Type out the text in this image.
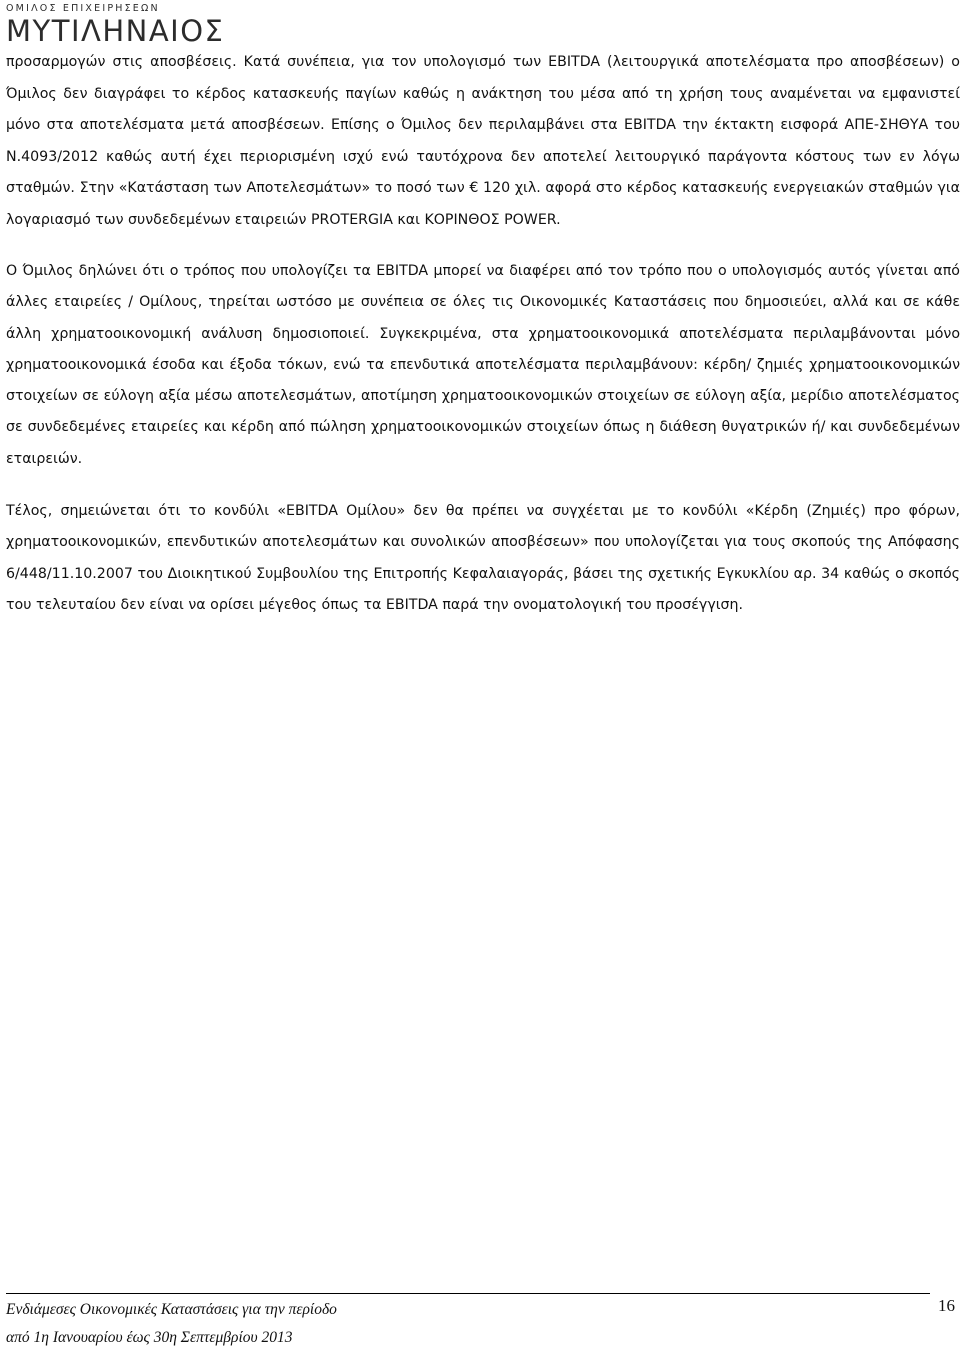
ΟΜΙΛΟΣ ΕΠΙΧΕΙΡΗΣΕΩΝ
ΜΥΤΙΛΗΝΑΙΟΣ

προσαρμογών στις αποσβέσεις. Κατά συνέπεια, για τον υπολογισμό των EBITDA (λειτουργικά αποτελέσματα προ αποσβέσεων) ο Όμιλος δεν διαγράφει το κέρδος κατασκευής παγίων καθώς η ανάκτηση του μέσα από τη χρήση τους αναμένεται να εμφανιστεί μόνο στα αποτελέσματα μετά αποσβέσεων. Επίσης ο Όμιλος δεν περιλαμβάνει στα EBITDA την έκτακτη εισφορά ΑΠΕ-ΣΗΘΥΑ του Ν.4093/2012 καθώς αυτή έχει περιορισμένη ισχύ ενώ ταυτόχρονα δεν αποτελεί λειτουργικό παράγοντα κόστους των εν λόγω σταθμών. Στην «Κατάσταση των Αποτελεσμάτων» το ποσό των € 120 χιλ. αφορά στο κέρδος κατασκευής ενεργειακών σταθμών για λογαριασμό των συνδεδεμένων εταιρειών PROTERGIA και ΚΟΡΙΝΘΟΣ POWER.

Ο Όμιλος δηλώνει ότι ο τρόπος που υπολογίζει τα EBITDA μπορεί να διαφέρει από τον τρόπο που ο υπολογισμός αυτός γίνεται από άλλες εταιρείες / Ομίλους, τηρείται ωστόσο με συνέπεια σε όλες τις Οικονομικές Καταστάσεις που δημοσιεύει, αλλά και σε κάθε άλλη χρηματοοικονομική ανάλυση δημοσιοποιεί. Συγκεκριμένα, στα χρηματοοικονομικά αποτελέσματα περιλαμβάνονται μόνο χρηματοοικονομικά έσοδα και έξοδα τόκων, ενώ τα επενδυτικά αποτελέσματα περιλαμβάνουν: κέρδη/ ζημιές χρηματοοικονομικών στοιχείων σε εύλογη αξία μέσω αποτελεσμάτων, αποτίμηση χρηματοοικονομικών στοιχείων σε εύλογη αξία, μερίδιο αποτελέσματος σε συνδεδεμένες εταιρείες και κέρδη από πώληση χρηματοοικονομικών στοιχείων όπως η διάθεση θυγατρικών ή/ και συνδεδεμένων εταιρειών.

Τέλος, σημειώνεται ότι το κονδύλι «EBITDA Ομίλου» δεν θα πρέπει να συγχέεται με το κονδύλι «Κέρδη (Ζημιές) προ φόρων, χρηματοοικονομικών, επενδυτικών αποτελεσμάτων και συνολικών αποσβέσεων» που υπολογίζεται για τους σκοπούς της Απόφασης 6/448/11.10.2007 του Διοικητικού Συμβουλίου της Επιτροπής Κεφαλαιαγοράς, βάσει της σχετικής Εγκυκλίου αρ. 34 καθώς ο σκοπός του τελευταίου δεν είναι να ορίσει μέγεθος όπως τα EBITDA παρά την ονοματολογική του προσέγγιση.

Ενδιάμεσες Οικονομικές Καταστάσεις για την περίοδο
από 1η Ιανουαρίου έως 30η Σεπτεμβρίου 2013
16
